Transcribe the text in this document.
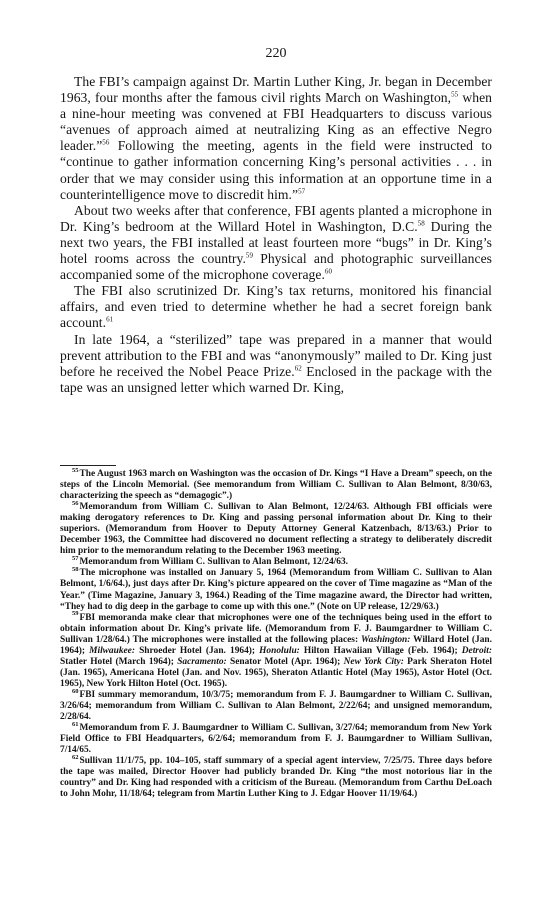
220

The FBI’s campaign against Dr. Martin Luther King, Jr. began in December 1963, four months after the famous civil rights March on Washington,$^{55}$ when a nine-hour meeting was convened at FBI Headquarters to discuss various “avenues of approach aimed at neutralizing King as an effective Negro leader.”$^{56}$ Following the meeting, agents in the field were instructed to “continue to gather information concerning King’s personal activities . . . in order that we may consider using this information at an opportune time in a counterintelligence move to discredit him.”$^{57}$

About two weeks after that conference, FBI agents planted a microphone in Dr. King’s bedroom at the Willard Hotel in Washington, D.C.$^{58}$ During the next two years, the FBI installed at least fourteen more “bugs” in Dr. King’s hotel rooms across the country.$^{59}$ Physical and photographic surveillances accompanied some of the microphone coverage.$^{60}$

The FBI also scrutinized Dr. King’s tax returns, monitored his financial affairs, and even tried to determine whether he had a secret foreign bank account.$^{61}$

In late 1964, a “sterilized” tape was prepared in a manner that would prevent attribution to the FBI and was “anonymously” mailed to Dr. King just before he received the Nobel Peace Prize.$^{62}$ Enclosed in the package with the tape was an unsigned letter which warned Dr. King,

$^{55}$The August 1963 march on Washington was the occasion of Dr. Kings “I Have a Dream” speech, on the steps of the Lincoln Memorial. (See memorandum from William C. Sullivan to Alan Belmont, 8/30/63, characterizing the speech as “demagogic”.)

$^{56}$Memorandum from William C. Sullivan to Alan Belmont, 12/24/63. Although FBI officials were making derogatory references to Dr. King and passing personal information about Dr. King to their superiors. (Memorandum from Hoover to Deputy Attorney General Katzenbach, 8/13/63.) Prior to December 1963, the Committee had discovered no document reflecting a strategy to deliberately discredit him prior to the memorandum relating to the December 1963 meeting.

$^{57}$Memorandum from William C. Sullivan to Alan Belmont, 12/24/63.

$^{58}$The microphone was installed on January 5, 1964 (Memorandum from William C. Sullivan to Alan Belmont, 1/6/64.), just days after Dr. King’s picture appeared on the cover of Time magazine as “Man of the Year.” (Time Magazine, January 3, 1964.) Reading of the Time magazine award, the Director had written, “They had to dig deep in the garbage to come up with this one.” (Note on UP release, 12/29/63.)

$^{59}$FBI memoranda make clear that microphones were one of the techniques being used in the effort to obtain information about Dr. King’s private life. (Memorandum from F. J. Baumgardner to William C. Sullivan 1/28/64.) The microphones were installed at the following places: Washington: Willard Hotel (Jan. 1964); Milwaukee: Shroeder Hotel (Jan. 1964); Honolulu: Hilton Hawaiian Village (Feb. 1964); Detroit: Statler Hotel (March 1964); Sacramento: Senator Motel (Apr. 1964); New York City: Park Sheraton Hotel (Jan. 1965), Americana Hotel (Jan. and Nov. 1965), Sheraton Atlantic Hotel (May 1965), Astor Hotel (Oct. 1965), New York Hilton Hotel (Oct. 1965).

$^{60}$FBI summary memorandum, 10/3/75; memorandum from F. J. Baumgardner to William C. Sullivan, 3/26/64; memorandum from William C. Sullivan to Alan Belmont, 2/22/64; and unsigned memorandum, 2/28/64.

$^{61}$Memorandum from F. J. Baumgardner to William C. Sullivan, 3/27/64; memorandum from New York Field Office to FBI Headquarters, 6/2/64; memorandum from F. J. Baumgardner to William Sullivan, 7/14/65.

$^{62}$Sullivan 11/1/75, pp. 104–105, staff summary of a special agent interview, 7/25/75. Three days before the tape was mailed, Director Hoover had publicly branded Dr. King “the most notorious liar in the country” and Dr. King had responded with a criticism of the Bureau. (Memorandum from Carthu DeLoach to John Mohr, 11/18/64; telegram from Martin Luther King to J. Edgar Hoover 11/19/64.)
